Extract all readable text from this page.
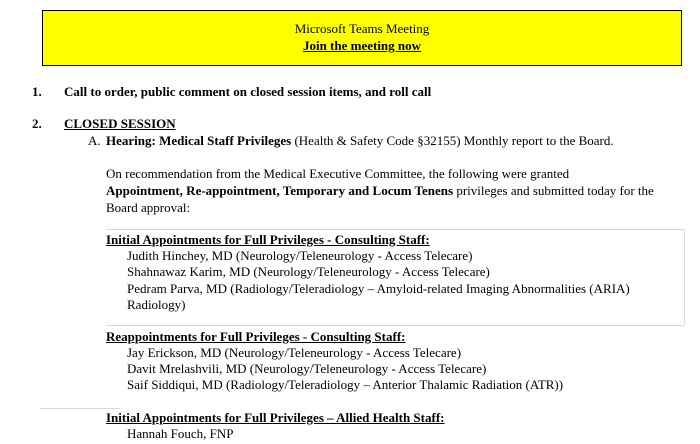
Microsoft Teams Meeting
Join the meeting now
1. Call to order, public comment on closed session items, and roll call
2. CLOSED SESSION
A. Hearing: Medical Staff Privileges (Health & Safety Code §32155) Monthly report to the Board.
On recommendation from the Medical Executive Committee, the following were granted
Appointment, Re-appointment, Temporary and Locum Tenens privileges and submitted today for the
Board approval:
Initial Appointments for Full Privileges - Consulting Staff:
Judith Hinchey, MD (Neurology/Teleneurology - Access Telecare)
Shahnawaz Karim, MD (Neurology/Teleneurology - Access Telecare)
Pedram Parva, MD (Radiology/Teleradiology – Amyloid-related Imaging Abnormalities (ARIA)
Radiology)
Reappointments for Full Privileges - Consulting Staff:
Jay Erickson, MD (Neurology/Teleneurology - Access Telecare)
Davit Mrelashvili, MD (Neurology/Teleneurology - Access Telecare)
Saif Siddiqui, MD (Radiology/Teleradiology – Anterior Thalamic Radiation (ATR))
Initial Appointments for Full Privileges – Allied Health Staff:
Hannah Fouch, FNP
